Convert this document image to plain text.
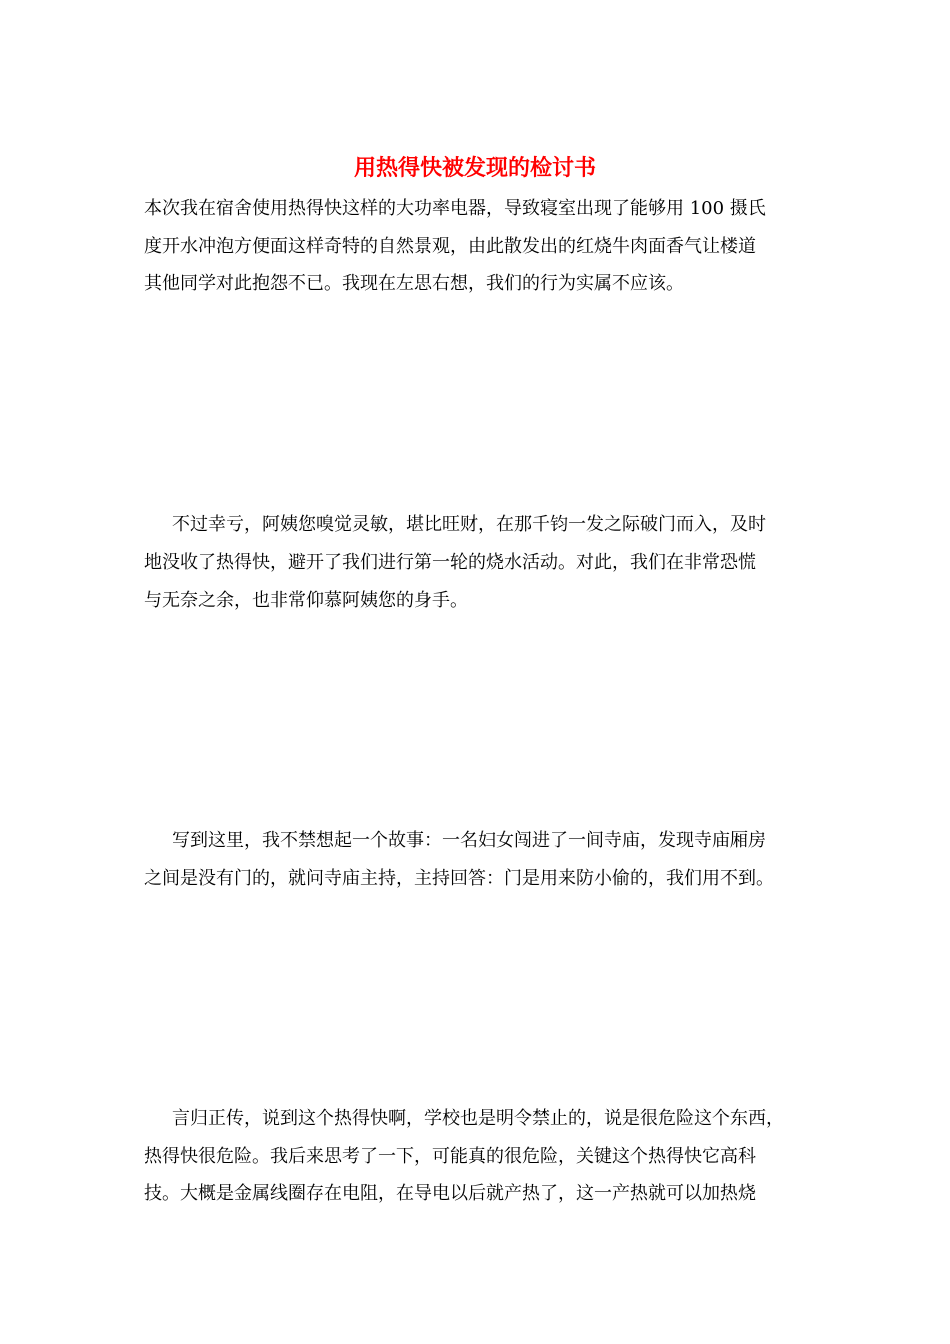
用热得快被发现的检讨书

本次我在宿舍使用热得快这样的大功率电器，导致寝室出现了能够用 100 摄氏

度开水冲泡方便面这样奇特的自然景观，由此散发出的红烧牛肉面香气让楼道

其他同学对此抱怨不已。我现在左思右想，我们的行为实属不应该。

不过幸亏，阿姨您嗅觉灵敏，堪比旺财，在那千钧一发之际破门而入，及时

地没收了热得快，避开了我们进行第一轮的烧水活动。对此，我们在非常恐慌

与无奈之余，也非常仰慕阿姨您的身手。

写到这里，我不禁想起一个故事：一名妇女闯进了一间寺庙，发现寺庙厢房

之间是没有门的，就问寺庙主持，主持回答：门是用来防小偷的，我们用不到。

言归正传，说到这个热得快啊，学校也是明令禁止的，说是很危险这个东西，

热得快很危险。我后来思考了一下，可能真的很危险，关键这个热得快它高科

技。大概是金属线圈存在电阻，在导电以后就产热了，这一产热就可以加热烧
